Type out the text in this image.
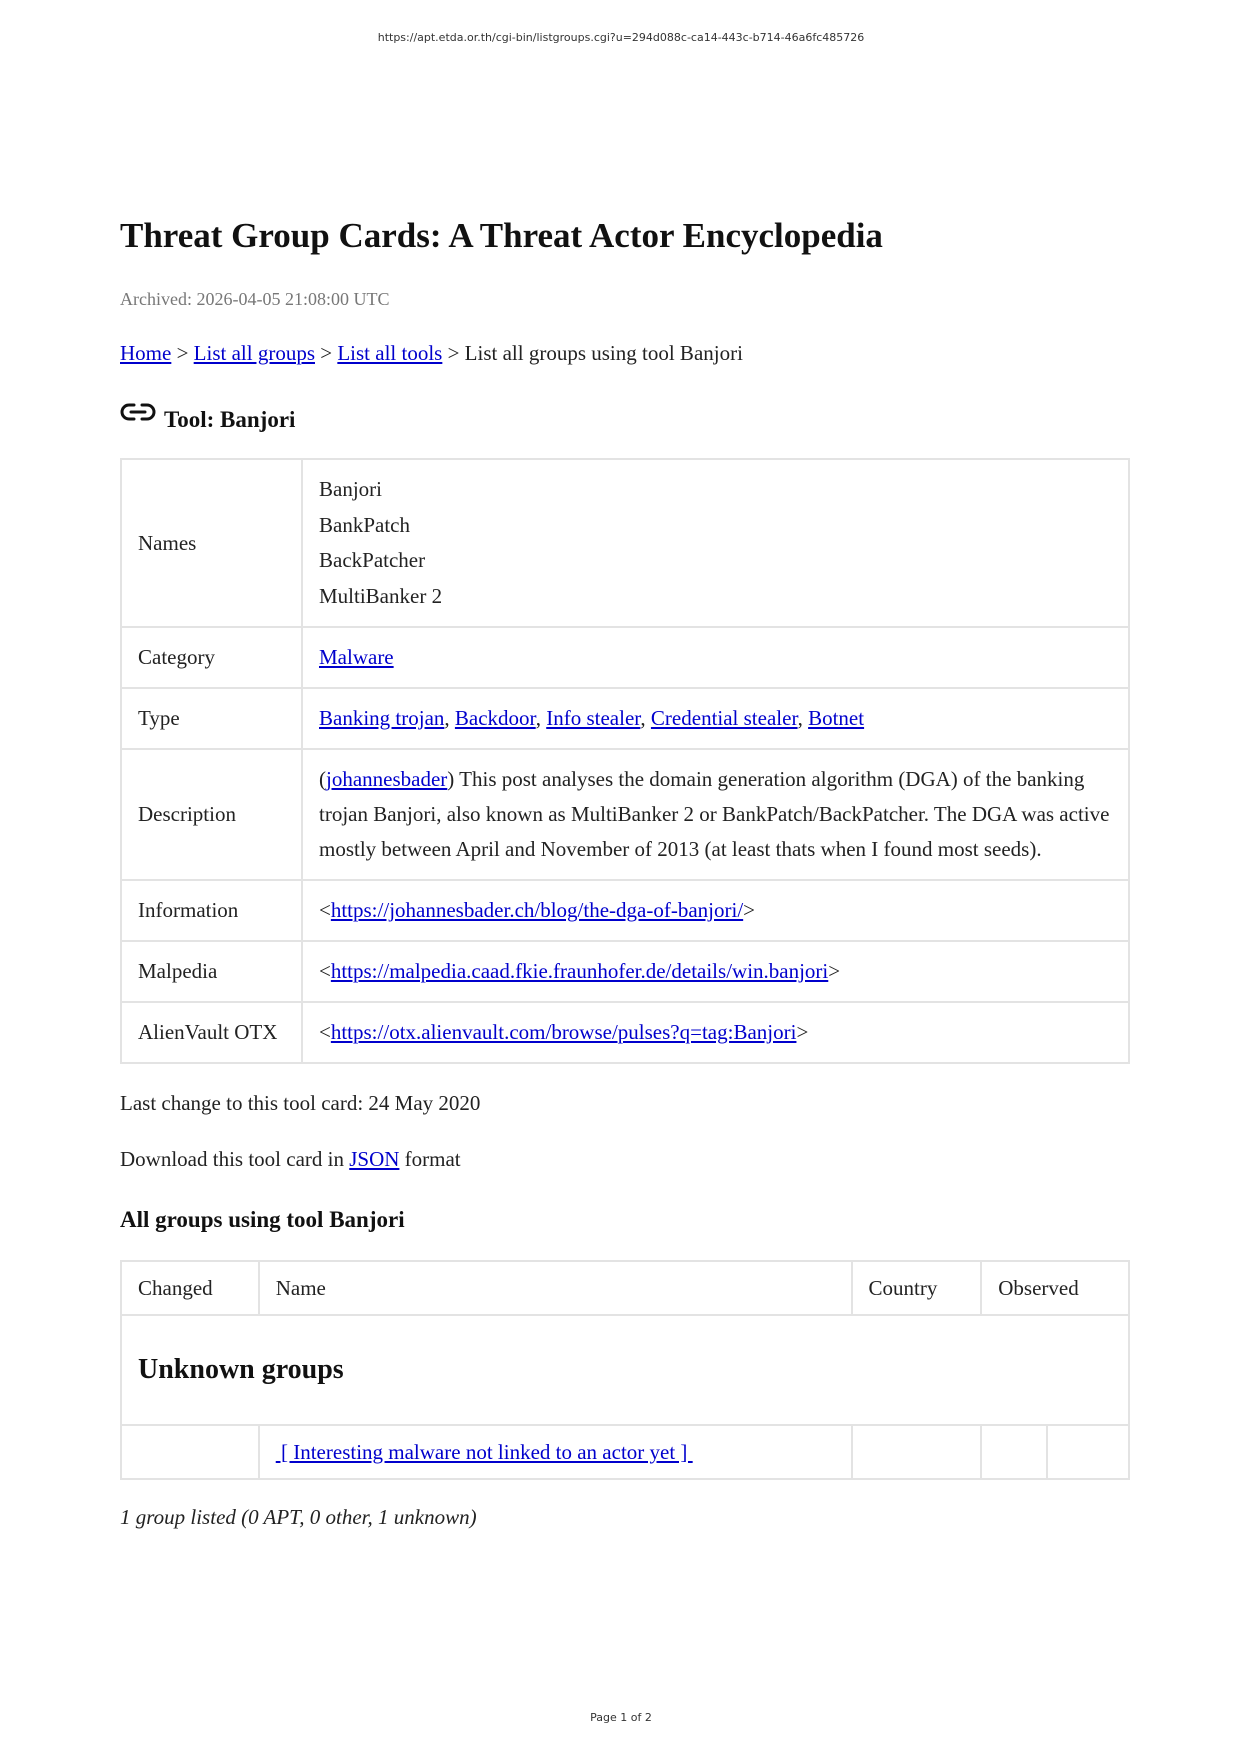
https://apt.etda.or.th/cgi-bin/listgroups.cgi?u=294d088c-ca14-443c-b714-46a6fc485726
Threat Group Cards: A Threat Actor Encyclopedia
Archived: 2026-04-05 21:08:00 UTC
Home > List all groups > List all tools > List all groups using tool Banjori
Tool: Banjori
Names	Banjori
BankPatch
BackPatcher
MultiBanker 2

Category	Malware
Type	Banking trojan, Backdoor, Info stealer, Credential stealer, Botnet
Description	(johannesbader) This post analyses the domain generation algorithm (DGA) of the banking trojan Banjori, also known as MultiBanker 2 or BankPatch/BackPatcher. The DGA was active mostly between April and November of 2013 (at least thats when I found most seeds).
Information	<https://johannesbader.ch/blog/the-dga-of-banjori/>
Malpedia	<https://malpedia.caad.fkie.fraunhofer.de/details/win.banjori>
AlienVault OTX	<https://otx.alienvault.com/browse/pulses?q=tag:Banjori>
Last change to this tool card: 24 May 2020
Download this tool card in JSON format
All groups using tool Banjori
Changed	Name	Country	Observed	
Unknown groups				
	[ Interesting malware not linked to an actor yet ]			
1 group listed (0 APT, 0 other, 1 unknown)
Page 1 of 2
